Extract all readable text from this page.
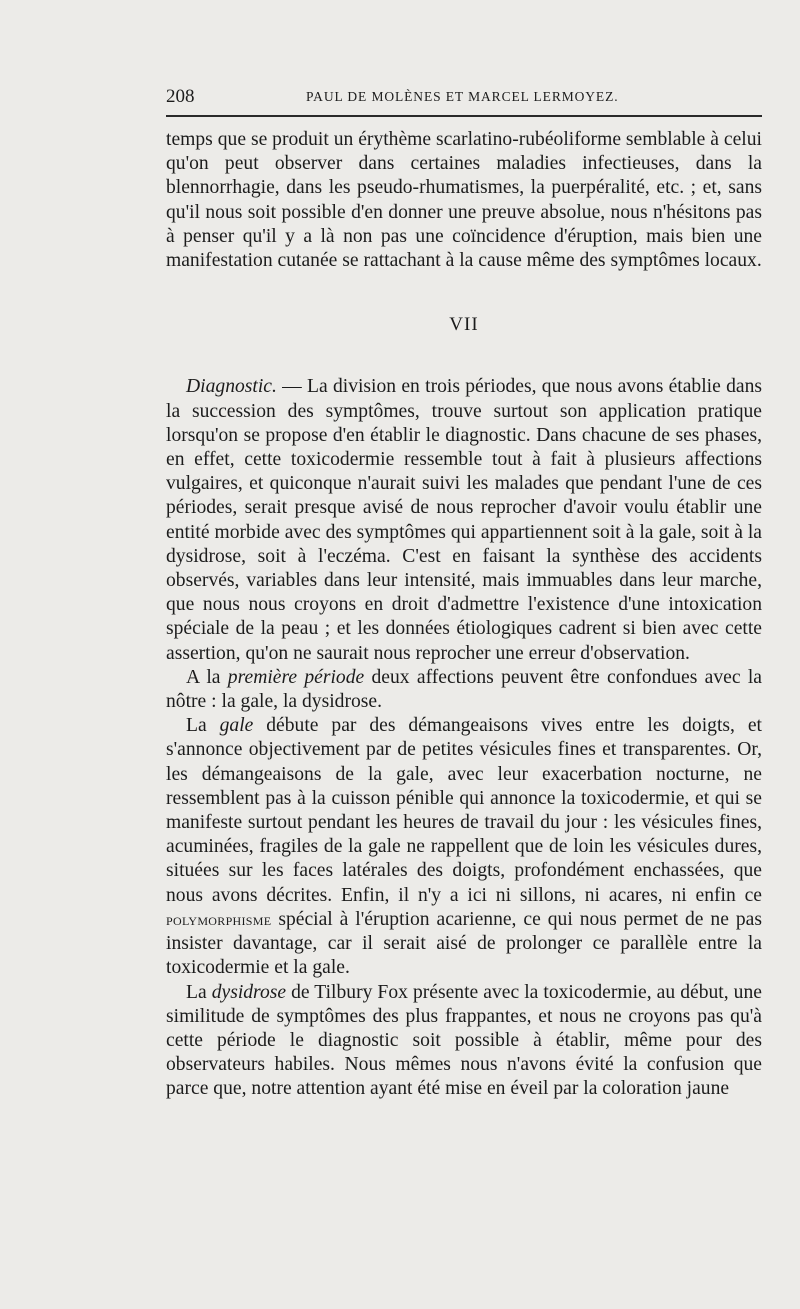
208	PAUL DE MOLÈNES ET MARCEL LERMOYEZ.

temps que se produit un érythème scarlatino-rubéoliforme semblable à celui qu'on peut observer dans certaines maladies infectieuses, dans la blennorrhagie, dans les pseudo-rhumatismes, la puerpéralité, etc. ; et, sans qu'il nous soit possible d'en donner une preuve absolue, nous n'hésitons pas à penser qu'il y a là non pas une coïncidence d'éruption, mais bien une manifestation cutanée se rattachant à la cause même des symptômes locaux.

VII

Diagnostic. — La division en trois périodes, que nous avons établie dans la succession des symptômes, trouve surtout son application pratique lorsqu'on se propose d'en établir le diagnostic. Dans chacune de ses phases, en effet, cette toxicodermie ressemble tout à fait à plusieurs affections vulgaires, et quiconque n'aurait suivi les malades que pendant l'une de ces périodes, serait presque avisé de nous reprocher d'avoir voulu établir une entité morbide avec des symptômes qui appartiennent soit à la gale, soit à la dysidrose, soit à l'eczéma. C'est en faisant la synthèse des accidents observés, variables dans leur intensité, mais immuables dans leur marche, que nous nous croyons en droit d'admettre l'existence d'une intoxication spéciale de la peau ; et les données étiologiques cadrent si bien avec cette assertion, qu'on ne saurait nous reprocher une erreur d'observation.

A la première période deux affections peuvent être confondues avec la nôtre : la gale, la dysidrose.

La gale débute par des démangeaisons vives entre les doigts, et s'annonce objectivement par de petites vésicules fines et transparentes. Or, les démangeaisons de la gale, avec leur exacerbation nocturne, ne ressemblent pas à la cuisson pénible qui annonce la toxicodermie, et qui se manifeste surtout pendant les heures de travail du jour : les vésicules fines, acuminées, fragiles de la gale ne rappellent que de loin les vésicules dures, situées sur les faces latérales des doigts, profondément enchassées, que nous avons décrites. Enfin, il n'y a ici ni sillons, ni acares, ni enfin ce polymorphisme spécial à l'éruption acarienne, ce qui nous permet de ne pas insister davantage, car il serait aisé de prolonger ce parallèle entre la toxicodermie et la gale.

La dysidrose de Tilbury Fox présente avec la toxicodermie, au début, une similitude de symptômes des plus frappantes, et nous ne croyons pas qu'à cette période le diagnostic soit possible à établir, même pour des observateurs habiles. Nous mêmes nous n'avons évité la confusion que parce que, notre attention ayant été mise en éveil par la coloration jaune
